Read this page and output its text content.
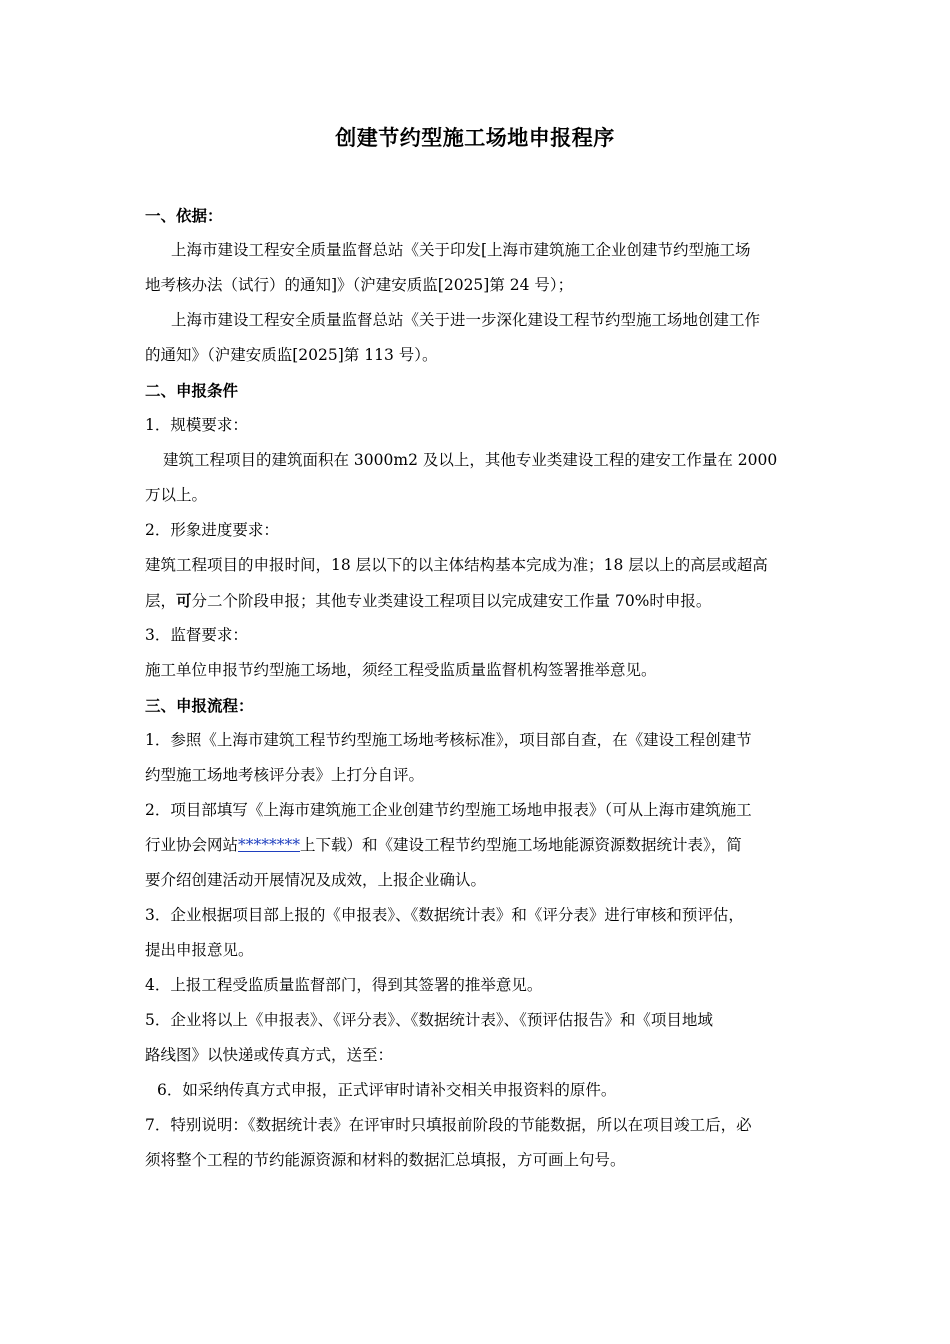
创建节约型施工场地申报程序
一、依据：
上海市建设工程安全质量监督总站《关于印发[上海市建筑施工企业创建节约型施工场
地考核办法（试行）的通知]》（沪建安质监[2025]第 24 号）；
上海市建设工程安全质量监督总站《关于进一步深化建设工程节约型施工场地创建工作
的通知》（沪建安质监[2025]第 113 号）。
二、申报条件
1．规模要求：
建筑工程项目的建筑面积在 3000m2 及以上，其他专业类建设工程的建安工作量在 2000
万以上。
2．形象进度要求：
建筑工程项目的申报时间，18 层以下的以主体结构基本完成为准；18 层以上的高层或超高
层，可分二个阶段申报；其他专业类建设工程项目以完成建安工作量 70%时申报。
3．监督要求：
施工单位申报节约型施工场地，须经工程受监质量监督机构签署推举意见。
三、申报流程：
1．参照《上海市建筑工程节约型施工场地考核标准》，项目部自查，在《建设工程创建节
约型施工场地考核评分表》上打分自评。
2．项目部填写《上海市建筑施工企业创建节约型施工场地申报表》（可从上海市建筑施工
行业协会网站********上下载）和《建设工程节约型施工场地能源资源数据统计表》，简
要介绍创建活动开展情况及成效，上报企业确认。
3．企业根据项目部上报的《申报表》、《数据统计表》和《评分表》进行审核和预评估，
提出申报意见。
4．上报工程受监质量监督部门，得到其签署的推举意见。
5．企业将以上《申报表》、《评分表》、《数据统计表》、《预评估报告》和《项目地域
路线图》以快递或传真方式，送至：
6．如采纳传真方式申报，正式评审时请补交相关申报资料的原件。
7．特别说明：《数据统计表》在评审时只填报前阶段的节能数据，所以在项目竣工后，必
须将整个工程的节约能源资源和材料的数据汇总填报，方可画上句号。
